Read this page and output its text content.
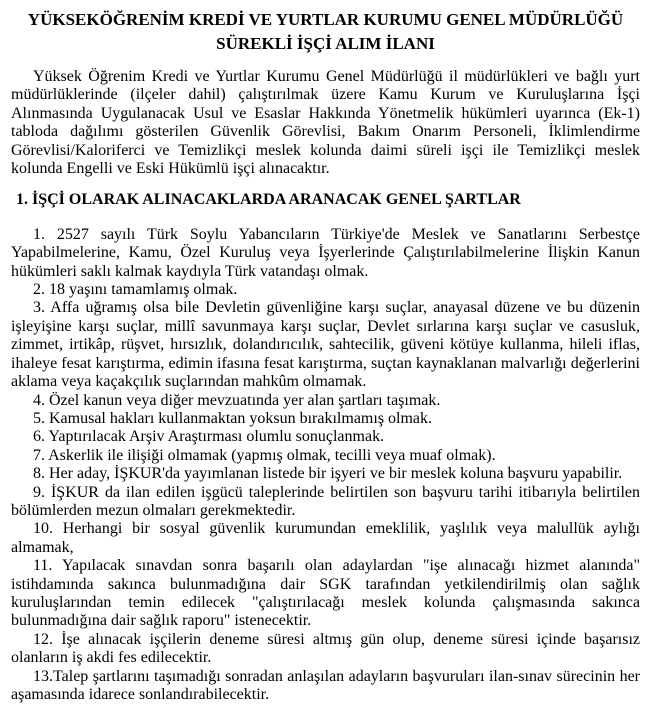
YÜKSEKÖĞRENİM KREDİ VE YURTLAR KURUMU GENEL MÜDÜRLÜĞÜ
SÜREKLİ İŞÇİ ALIM İLANI

Yüksek Öğrenim Kredi ve Yurtlar Kurumu Genel Müdürlüğü il müdürlükleri ve bağlı yurt müdürlüklerinde (ilçeler dahil) çalıştırılmak üzere Kamu Kurum ve Kuruluşlarına İşçi Alınmasında Uygulanacak Usul ve Esaslar Hakkında Yönetmelik hükümleri uyarınca (Ek-1) tabloda dağılımı gösterilen Güvenlik Görevlisi, Bakım Onarım Personeli, İklimlendirme Görevlisi/Kaloriferci ve Temizlikçi meslek kolunda daimi süreli işçi ile Temizlikçi meslek kolunda Engelli ve Eski Hükümlü işçi alınacaktır.

1. İŞÇİ OLARAK ALINACAKLARDA ARANACAK GENEL ŞARTLAR

1. 2527 sayılı Türk Soylu Yabancıların Türkiye'de Meslek ve Sanatlarını Serbestçe Yapabilmelerine, Kamu, Özel Kuruluş veya İşyerlerinde Çalıştırılabilmelerine İlişkin Kanun hükümleri saklı kalmak kaydıyla Türk vatandaşı olmak.

2. 18 yaşını tamamlamış olmak.

3. Affa uğramış olsa bile Devletin güvenliğine karşı suçlar, anayasal düzene ve bu düzenin işleyişine karşı suçlar, millî savunmaya karşı suçlar, Devlet sırlarına karşı suçlar ve casusluk, zimmet, irtikâp, rüşvet, hırsızlık, dolandırıcılık, sahtecilik, güveni kötüye kullanma, hileli iflas, ihaleye fesat karıştırma, edimin ifasına fesat karıştırma, suçtan kaynaklanan malvarlığı değerlerini aklama veya kaçakçılık suçlarından mahkûm olmamak.

4. Özel kanun veya diğer mevzuatında yer alan şartları taşımak.

5. Kamusal hakları kullanmaktan yoksun bırakılmamış olmak.

6. Yaptırılacak Arşiv Araştırması olumlu sonuçlanmak.

7. Askerlik ile ilişiği olmamak (yapmış olmak, tecilli veya muaf olmak).

8. Her aday, İŞKUR'da yayımlanan listede bir işyeri ve bir meslek koluna başvuru yapabilir.

9. İŞKUR da ilan edilen işgücü taleplerinde belirtilen son başvuru tarihi itibarıyla belirtilen bölümlerden mezun olmaları gerekmektedir.

10. Herhangi bir sosyal güvenlik kurumundan emeklilik, yaşlılık veya malullük aylığı almamak,

11. Yapılacak sınavdan sonra başarılı olan adaylardan "işe alınacağı hizmet alanında" istihdamında sakınca bulunmadığına dair SGK tarafından yetkilendirilmiş olan sağlık kuruluşlarından temin edilecek "çalıştırılacağı meslek kolunda çalışmasında sakınca bulunmadığına dair sağlık raporu" istenecektir.

12. İşe alınacak işçilerin deneme süresi altmış gün olup, deneme süresi içinde başarısız olanların iş akdi fes edilecektir.

13.Talep şartlarını taşımadığı sonradan anlaşılan adayların başvuruları ilan-sınav sürecinin her aşamasında idarece sonlandırabilecektir.
